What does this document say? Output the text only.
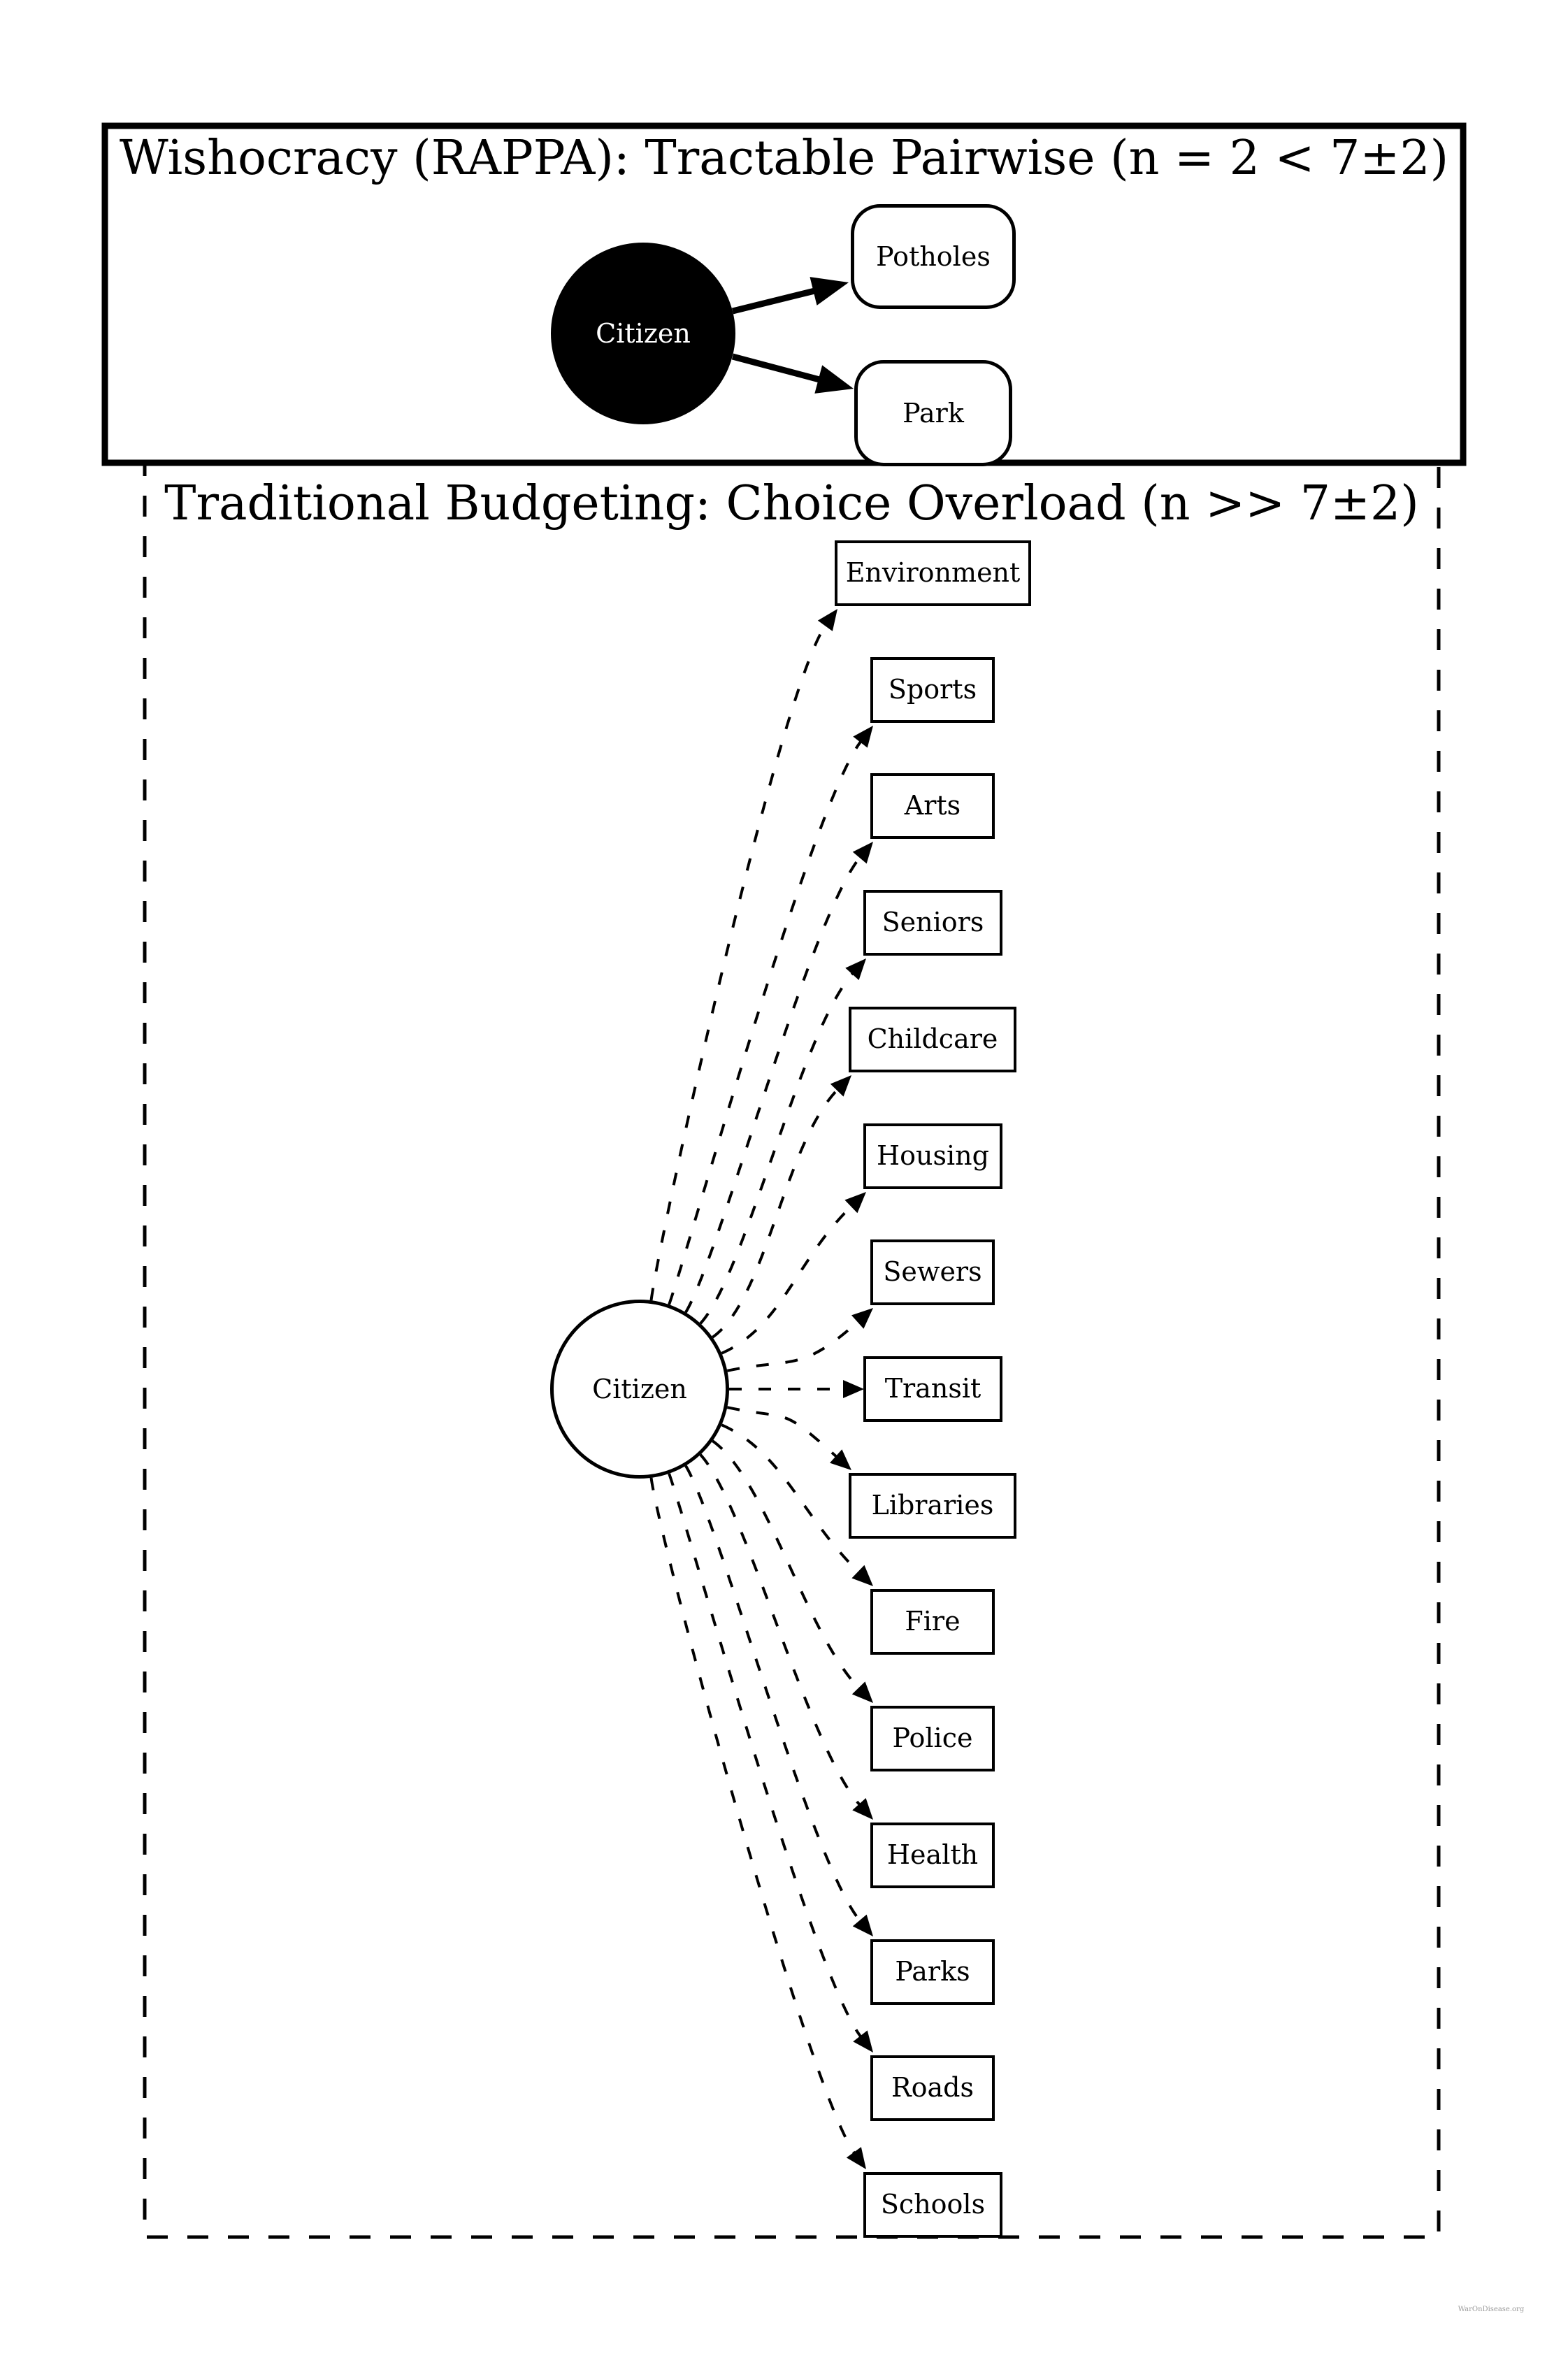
Wishocracy (RAPPA): Tractable Pairwise (n = 2 < 7±2)
Traditional Budgeting: Choice Overload (n >> 7±2)
Citizen
Citizen
Potholes
Park
Environment
Sports
Arts
Seniors
Childcare
Housing
Sewers
Transit
Libraries
Fire
Police
Health
Parks
Roads
Schools
WarOnDisease.org
